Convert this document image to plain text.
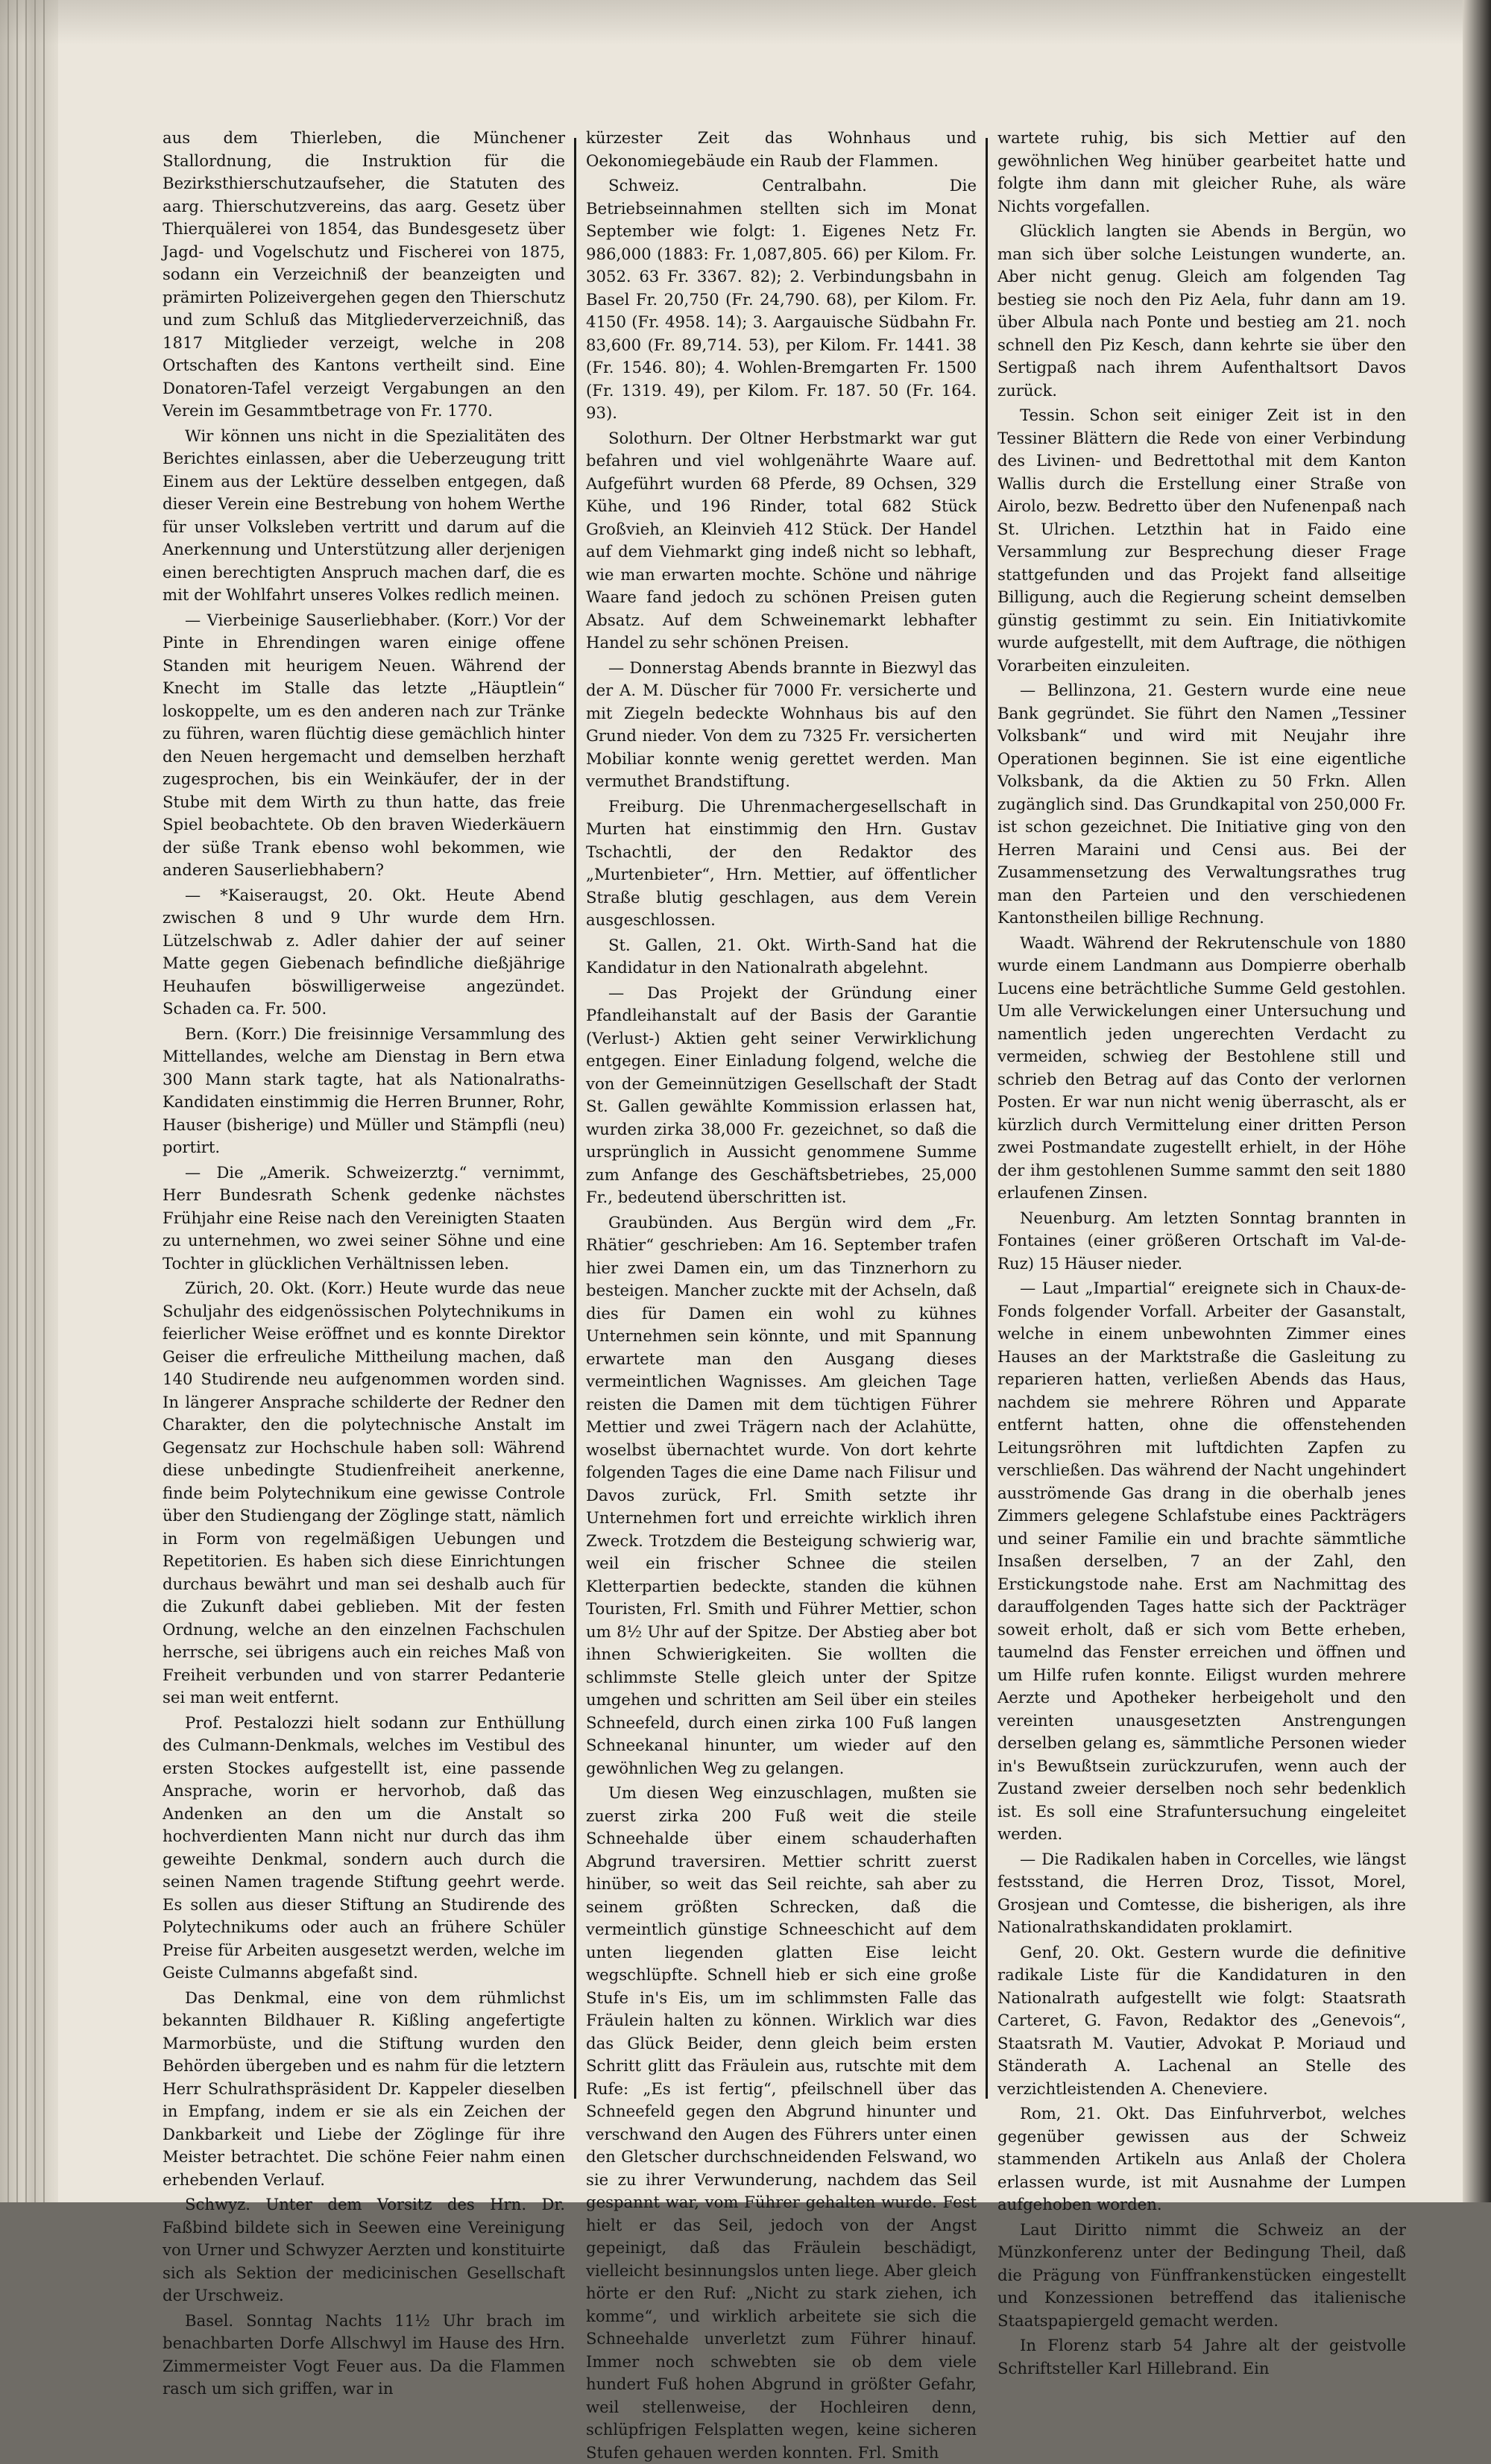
aus dem Thierleben, die Münchener Stallordnung, die Instruktion für die Bezirksthierschutzaufseher, die Statuten des aarg. Thierschutzvereins, das aarg. Gesetz über Thierquälerei von 1854, das Bundesgesetz über Jagd- und Vogelschutz und Fischerei von 1875, sodann ein Verzeichniß der beanzeigten und prämirten Polizeivergehen gegen den Thierschutz und zum Schluß das Mitgliederverzeichniß, das 1817 Mitglieder verzeigt, welche in 208 Ortschaften des Kantons vertheilt sind. Eine Donatoren-Tafel verzeigt Vergabungen an den Verein im Gesammtbetrage von Fr. 1770.

Wir können uns nicht in die Spezialitäten des Berichtes einlassen, aber die Ueberzeugung tritt Einem aus der Lektüre desselben entgegen, daß dieser Verein eine Bestrebung von hohem Werthe für unser Volksleben vertritt und darum auf die Anerkennung und Unterstützung aller derjenigen einen berechtigten Anspruch machen darf, die es mit der Wohlfahrt unseres Volkes redlich meinen.

— Vierbeinige Sauserliebhaber. (Korr.) Vor der Pinte in Ehrendingen waren einige offene Standen mit heurigem Neuen. Während der Knecht im Stalle das letzte „Häuptlein“ loskoppelte, um es den anderen nach zur Tränke zu führen, waren flüchtig diese gemächlich hinter den Neuen hergemacht und demselben herzhaft zugesprochen, bis ein Weinkäufer, der in der Stube mit dem Wirth zu thun hatte, das freie Spiel beobachtete. Ob den braven Wiederkäuern der süße Trank ebenso wohl bekommen, wie anderen Sauserliebhabern?

— *Kaiseraugst, 20. Okt. Heute Abend zwischen 8 und 9 Uhr wurde dem Hrn. Lützelschwab z. Adler dahier der auf seiner Matte gegen Giebenach befindliche dießjährige Heuhaufen böswilligerweise angezündet. Schaden ca. Fr. 500.

Bern. (Korr.) Die freisinnige Versammlung des Mittellandes, welche am Dienstag in Bern etwa 300 Mann stark tagte, hat als Nationalraths-Kandidaten einstimmig die Herren Brunner, Rohr, Hauser (bisherige) und Müller und Stämpfli (neu) portirt.

— Die „Amerik. Schweizerztg.“ vernimmt, Herr Bundesrath Schenk gedenke nächstes Frühjahr eine Reise nach den Vereinigten Staaten zu unternehmen, wo zwei seiner Söhne und eine Tochter in glücklichen Verhältnissen leben.

Zürich, 20. Okt. (Korr.) Heute wurde das neue Schuljahr des eidgenössischen Polytechnikums in feierlicher Weise eröffnet und es konnte Direktor Geiser die erfreuliche Mittheilung machen, daß 140 Studirende neu aufgenommen worden sind. In längerer Ansprache schilderte der Redner den Charakter, den die polytechnische Anstalt im Gegensatz zur Hochschule haben soll: Während diese unbedingte Studienfreiheit anerkenne, finde beim Polytechnikum eine gewisse Controle über den Studiengang der Zöglinge statt, nämlich in Form von regelmäßigen Uebungen und Repetitorien. Es haben sich diese Einrichtungen durchaus bewährt und man sei deshalb auch für die Zukunft dabei geblieben. Mit der festen Ordnung, welche an den einzelnen Fachschulen herrsche, sei übrigens auch ein reiches Maß von Freiheit verbunden und von starrer Pedanterie sei man weit entfernt.

Prof. Pestalozzi hielt sodann zur Enthüllung des Culmann-Denkmals, welches im Vestibul des ersten Stockes aufgestellt ist, eine passende Ansprache, worin er hervorhob, daß das Andenken an den um die Anstalt so hochverdienten Mann nicht nur durch das ihm geweihte Denkmal, sondern auch durch die seinen Namen tragende Stiftung geehrt werde. Es sollen aus dieser Stiftung an Studirende des Polytechnikums oder auch an frühere Schüler Preise für Arbeiten ausgesetzt werden, welche im Geiste Culmanns abgefaßt sind.

Das Denkmal, eine von dem rühmlichst bekannten Bildhauer R. Kißling angefertigte Marmorbüste, und die Stiftung wurden den Behörden übergeben und es nahm für die letztern Herr Schulrathspräsident Dr. Kappeler dieselben in Empfang, indem er sie als ein Zeichen der Dankbarkeit und Liebe der Zöglinge für ihre Meister betrachtet. Die schöne Feier nahm einen erhebenden Verlauf.

Schwyz. Unter dem Vorsitz des Hrn. Dr. Faßbind bildete sich in Seewen eine Vereinigung von Urner und Schwyzer Aerzten und konstituirte sich als Sektion der medicinischen Gesellschaft der Urschweiz.

Basel. Sonntag Nachts 11½ Uhr brach im benachbarten Dorfe Allschwyl im Hause des Hrn. Zimmermeister Vogt Feuer aus. Da die Flammen rasch um sich griffen, war in

kürzester Zeit das Wohnhaus und Oekonomiegebäude ein Raub der Flammen.

Schweiz. Centralbahn. Die Betriebseinnahmen stellten sich im Monat September wie folgt: 1. Eigenes Netz Fr. 986,000 (1883: Fr. 1,087,805. 66) per Kilom. Fr. 3052. 63 Fr. 3367. 82); 2. Verbindungsbahn in Basel Fr. 20,750 (Fr. 24,790. 68), per Kilom. Fr. 4150 (Fr. 4958. 14); 3. Aargauische Südbahn Fr. 83,600 (Fr. 89,714. 53), per Kilom. Fr. 1441. 38 (Fr. 1546. 80); 4. Wohlen-Bremgarten Fr. 1500 (Fr. 1319. 49), per Kilom. Fr. 187. 50 (Fr. 164. 93).

Solothurn. Der Oltner Herbstmarkt war gut befahren und viel wohlgenährte Waare auf. Aufgeführt wurden 68 Pferde, 89 Ochsen, 329 Kühe, und 196 Rinder, total 682 Stück Großvieh, an Kleinvieh 412 Stück. Der Handel auf dem Viehmarkt ging indeß nicht so lebhaft, wie man erwarten mochte. Schöne und nährige Waare fand jedoch zu schönen Preisen guten Absatz. Auf dem Schweinemarkt lebhafter Handel zu sehr schönen Preisen.

— Donnerstag Abends brannte in Biezwyl das der A. M. Düscher für 7000 Fr. versicherte und mit Ziegeln bedeckte Wohnhaus bis auf den Grund nieder. Von dem zu 7325 Fr. versicherten Mobiliar konnte wenig gerettet werden. Man vermuthet Brandstiftung.

Freiburg. Die Uhrenmachergesellschaft in Murten hat einstimmig den Hrn. Gustav Tschachtli, der den Redaktor des „Murtenbieter“, Hrn. Mettier, auf öffentlicher Straße blutig geschlagen, aus dem Verein ausgeschlossen.

St. Gallen, 21. Okt. Wirth-Sand hat die Kandidatur in den Nationalrath abgelehnt.

— Das Projekt der Gründung einer Pfandleihanstalt auf der Basis der Garantie (Verlust-) Aktien geht seiner Verwirklichung entgegen. Einer Einladung folgend, welche die von der Gemeinnützigen Gesellschaft der Stadt St. Gallen gewählte Kommission erlassen hat, wurden zirka 38,000 Fr. gezeichnet, so daß die ursprünglich in Aussicht genommene Summe zum Anfange des Geschäftsbetriebes, 25,000 Fr., bedeutend überschritten ist.

Graubünden. Aus Bergün wird dem „Fr. Rhätier“ geschrieben: Am 16. September trafen hier zwei Damen ein, um das Tinznerhorn zu besteigen. Mancher zuckte mit der Achseln, daß dies für Damen ein wohl zu kühnes Unternehmen sein könnte, und mit Spannung erwartete man den Ausgang dieses vermeintlichen Wagnisses. Am gleichen Tage reisten die Damen mit dem tüchtigen Führer Mettier und zwei Trägern nach der Aclahütte, woselbst übernachtet wurde. Von dort kehrte folgenden Tages die eine Dame nach Filisur und Davos zurück, Frl. Smith setzte ihr Unternehmen fort und erreichte wirklich ihren Zweck. Trotzdem die Besteigung schwierig war, weil ein frischer Schnee die steilen Kletterpartien bedeckte, standen die kühnen Touristen, Frl. Smith und Führer Mettier, schon um 8½ Uhr auf der Spitze. Der Abstieg aber bot ihnen Schwierigkeiten. Sie wollten die schlimmste Stelle gleich unter der Spitze umgehen und schritten am Seil über ein steiles Schneefeld, durch einen zirka 100 Fuß langen Schneekanal hinunter, um wieder auf den gewöhnlichen Weg zu gelangen.

Um diesen Weg einzuschlagen, mußten sie zuerst zirka 200 Fuß weit die steile Schneehalde über einem schauderhaften Abgrund traversiren. Mettier schritt zuerst hinüber, so weit das Seil reichte, sah aber zu seinem größten Schrecken, daß die vermeintlich günstige Schneeschicht auf dem unten liegenden glatten Eise leicht wegschlüpfte. Schnell hieb er sich eine große Stufe in's Eis, um im schlimmsten Falle das Fräulein halten zu können. Wirklich war dies das Glück Beider, denn gleich beim ersten Schritt glitt das Fräulein aus, rutschte mit dem Rufe: „Es ist fertig“, pfeilschnell über das Schneefeld gegen den Abgrund hinunter und verschwand den Augen des Führers unter einen den Gletscher durchschneidenden Felswand, wo sie zu ihrer Verwunderung, nachdem das Seil gespannt war, vom Führer gehalten wurde. Fest hielt er das Seil, jedoch von der Angst gepeinigt, daß das Fräulein beschädigt, vielleicht besinnungslos unten liege. Aber gleich hörte er den Ruf: „Nicht zu stark ziehen, ich komme“, und wirklich arbeitete sie sich die Schneehalde unverletzt zum Führer hinauf. Immer noch schwebten sie ob dem viele hundert Fuß hohen Abgrund in größter Gefahr, weil stellenweise, der Hochleiren denn, schlüpfrigen Felsplatten wegen, keine sicheren Stufen gehauen werden konnten. Frl. Smith

wartete ruhig, bis sich Mettier auf den gewöhnlichen Weg hinüber gearbeitet hatte und folgte ihm dann mit gleicher Ruhe, als wäre Nichts vorgefallen.

Glücklich langten sie Abends in Bergün, wo man sich über solche Leistungen wunderte, an. Aber nicht genug. Gleich am folgenden Tag bestieg sie noch den Piz Aela, fuhr dann am 19. über Albula nach Ponte und bestieg am 21. noch schnell den Piz Kesch, dann kehrte sie über den Sertigpaß nach ihrem Aufenthaltsort Davos zurück.

Tessin. Schon seit einiger Zeit ist in den Tessiner Blättern die Rede von einer Verbindung des Livinen- und Bedrettothal mit dem Kanton Wallis durch die Erstellung einer Straße von Airolo, bezw. Bedretto über den Nufenenpaß nach St. Ulrichen. Letzthin hat in Faido eine Versammlung zur Besprechung dieser Frage stattgefunden und das Projekt fand allseitige Billigung, auch die Regierung scheint demselben günstig gestimmt zu sein. Ein Initiativkomite wurde aufgestellt, mit dem Auftrage, die nöthigen Vorarbeiten einzuleiten.

— Bellinzona, 21. Gestern wurde eine neue Bank gegründet. Sie führt den Namen „Tessiner Volksbank“ und wird mit Neujahr ihre Operationen beginnen. Sie ist eine eigentliche Volksbank, da die Aktien zu 50 Frkn. Allen zugänglich sind. Das Grundkapital von 250,000 Fr. ist schon gezeichnet. Die Initiative ging von den Herren Maraini und Censi aus. Bei der Zusammensetzung des Verwaltungsrathes trug man den Parteien und den verschiedenen Kantonstheilen billige Rechnung.

Waadt. Während der Rekrutenschule von 1880 wurde einem Landmann aus Dompierre oberhalb Lucens eine beträchtliche Summe Geld gestohlen. Um alle Verwickelungen einer Untersuchung und namentlich jeden ungerechten Verdacht zu vermeiden, schwieg der Bestohlene still und schrieb den Betrag auf das Conto der verlornen Posten. Er war nun nicht wenig überrascht, als er kürzlich durch Vermittelung einer dritten Person zwei Postmandate zugestellt erhielt, in der Höhe der ihm gestohlenen Summe sammt den seit 1880 erlaufenen Zinsen.

Neuenburg. Am letzten Sonntag brannten in Fontaines (einer größeren Ortschaft im Val-de-Ruz) 15 Häuser nieder.

— Laut „Impartial“ ereignete sich in Chaux-de-Fonds folgender Vorfall. Arbeiter der Gasanstalt, welche in einem unbewohnten Zimmer eines Hauses an der Marktstraße die Gasleitung zu reparieren hatten, verließen Abends das Haus, nachdem sie mehrere Röhren und Apparate entfernt hatten, ohne die offenstehenden Leitungsröhren mit luftdichten Zapfen zu verschließen. Das während der Nacht ungehindert ausströmende Gas drang in die oberhalb jenes Zimmers gelegene Schlafstube eines Packträgers und seiner Familie ein und brachte sämmtliche Insaßen derselben, 7 an der Zahl, den Erstickungstode nahe. Erst am Nachmittag des darauffolgenden Tages hatte sich der Packträger soweit erholt, daß er sich vom Bette erheben, taumelnd das Fenster erreichen und öffnen und um Hilfe rufen konnte. Eiligst wurden mehrere Aerzte und Apotheker herbeigeholt und den vereinten unausgesetzten Anstrengungen derselben gelang es, sämmtliche Personen wieder in's Bewußtsein zurückzurufen, wenn auch der Zustand zweier derselben noch sehr bedenklich ist. Es soll eine Strafuntersuchung eingeleitet werden.

— Die Radikalen haben in Corcelles, wie längst festsstand, die Herren Droz, Tissot, Morel, Grosjean und Comtesse, die bisherigen, als ihre Nationalrathskandidaten proklamirt.

Genf, 20. Okt. Gestern wurde die definitive radikale Liste für die Kandidaturen in den Nationalrath aufgestellt wie folgt: Staatsrath Carteret, G. Favon, Redaktor des „Genevois“, Staatsrath M. Vautier, Advokat P. Moriaud und Ständerath A. Lachenal an Stelle des verzichtleistenden A. Cheneviere.

Rom, 21. Okt. Das Einfuhrverbot, welches gegenüber gewissen aus der Schweiz stammenden Artikeln aus Anlaß der Cholera erlassen wurde, ist mit Ausnahme der Lumpen aufgehoben worden.

Laut Diritto nimmt die Schweiz an der Münzkonferenz unter der Bedingung Theil, daß die Prägung von Fünffrankenstücken eingestellt und Konzessionen betreffend das italienische Staatspapiergeld gemacht werden.

In Florenz starb 54 Jahre alt der geistvolle Schriftsteller Karl Hillebrand. Ein
